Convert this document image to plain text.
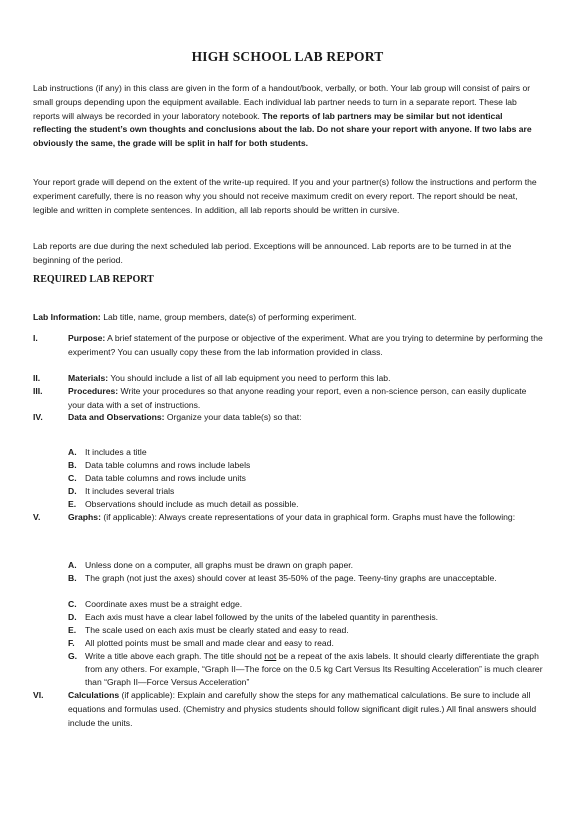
HIGH SCHOOL LAB REPORT

Lab instructions (if any) in this class are given in the form of a handout/book, verbally, or both. Your lab group will consist of pairs or small groups depending upon the equipment available. Each individual lab partner needs to turn in a separate report. These lab reports will always be recorded in your laboratory notebook. The reports of lab partners may be similar but not identical reflecting the student’s own thoughts and conclusions about the lab. Do not share your report with anyone. If two labs are obviously the same, the grade will be split in half for both students.

Your report grade will depend on the extent of the write-up required. If you and your partner(s) follow the instructions and perform the experiment carefully, there is no reason why you should not receive maximum credit on every report. The report should be neat, legible and written in complete sentences. In addition, all lab reports should be written in cursive.

Lab reports are due during the next scheduled lab period. Exceptions will be announced. Lab reports are to be turned in at the beginning of the period.

REQUIRED LAB REPORT

Lab Information: Lab title, name, group members, date(s) of performing experiment.

I.	Purpose: A brief statement of the purpose or objective of the experiment. What are you trying to determine by performing the experiment? You can usually copy these from the lab information provided in class.

II.	Materials: You should include a list of all lab equipment you need to perform this lab.

III.	Procedures: Write your procedures so that anyone reading your report, even a non-science person, can easily duplicate your data with a set of instructions.

IV.	Data and Observations: Organize your data table(s) so that:

A. It includes a title

B. Data table columns and rows include labels

C. Data table columns and rows include units

D. It includes several trials

E.	Observations should include as much detail as possible.

V.	Graphs: (if applicable): Always create representations of your data in graphical form. Graphs must have the following:

A. Unless done on a computer, all graphs must be drawn on graph paper.

B. The graph (not just the axes) should cover at least 35-50% of the page. Teeny-tiny graphs are unacceptable.

C. Coordinate axes must be a straight edge.

D. Each axis must have a clear label followed by the units of the labeled quantity in parenthesis.

E.	The scale used on each axis must be clearly stated and easy to read.

F.	All plotted points must be small and made clear and easy to read.

G. Write a title above each graph. The title should not be a repeat of the axis labels. It should clearly differentiate the graph from any others. For example, “Graph II—The force on the 0.5 kg Cart Versus Its Resulting Acceleration” is much clearer than “Graph II—Force Versus Acceleration”

VI.	Calculations (if applicable): Explain and carefully show the steps for any mathematical calculations. Be sure to include all equations and formulas used. (Chemistry and physics students should follow significant digit rules.) All final answers should include the units.
